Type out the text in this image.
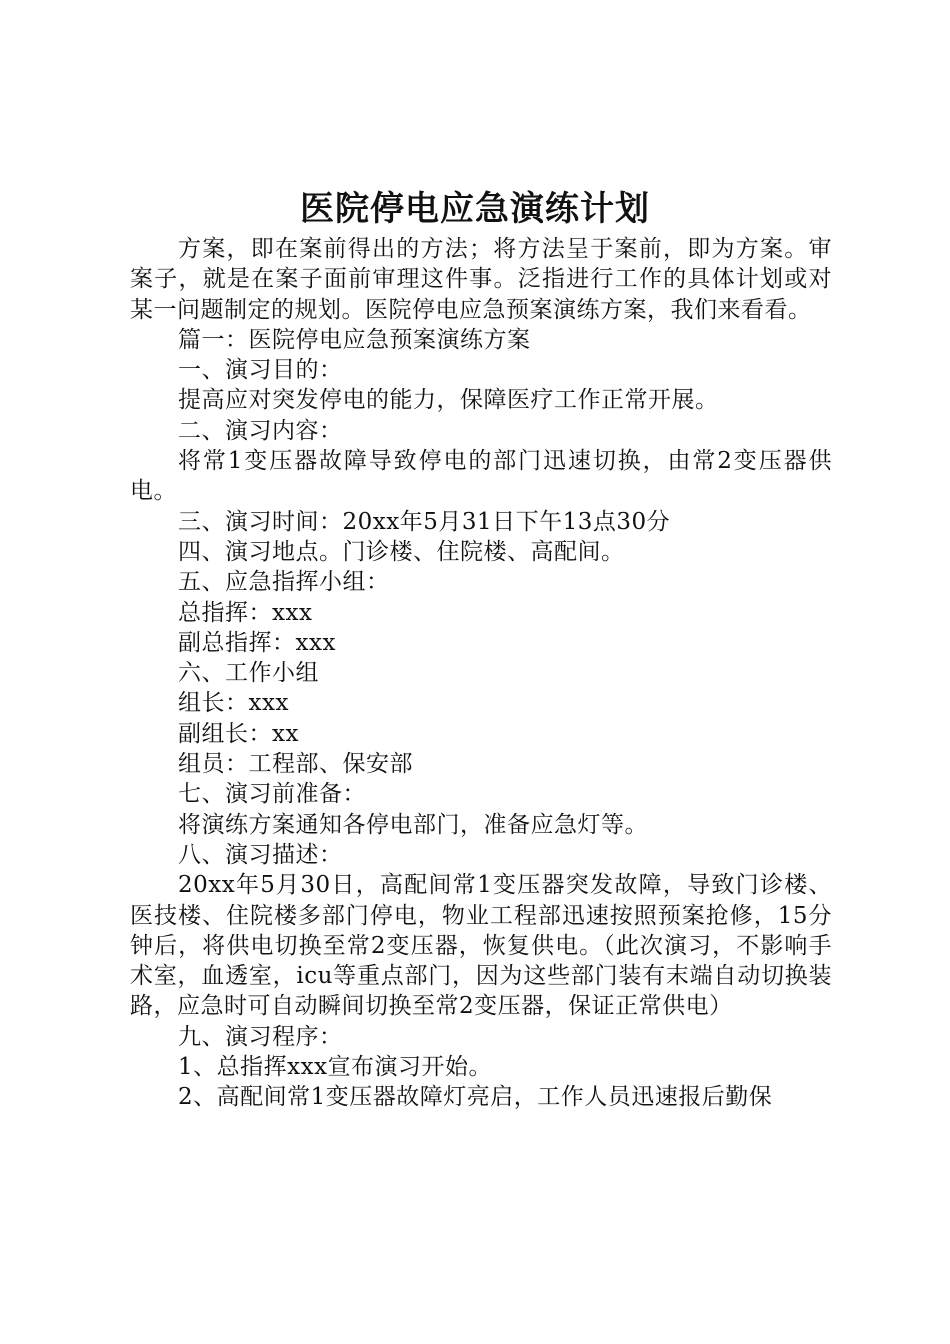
医院停电应急演练计划

方案，即在案前得出的方法；将方法呈于案前，即为方案。审案子，就是在案子面前审理这件事。泛指进行工作的具体计划或对某一问题制定的规划。医院停电应急预案演练方案，我们来看看。

篇一：医院停电应急预案演练方案

一、演习目的：

提高应对突发停电的能力，保障医疗工作正常开展。

二、演习内容：

将常1变压器故障导致停电的部门迅速切换，由常2变压器供电。

三、演习时间：20xx年5月31日下午13点30分

四、演习地点。门诊楼、住院楼、高配间。

五、应急指挥小组：

总指挥：xxx

副总指挥：xxx

六、工作小组

组长：xxx

副组长：xx

组员：工程部、保安部

七、演习前准备：

将演练方案通知各停电部门，准备应急灯等。

八、演习描述：

20xx年5月30日，高配间常1变压器突发故障，导致门诊楼、医技楼、住院楼多部门停电，物业工程部迅速按照预案抢修，15分钟后，将供电切换至常2变压器，恢复供电。（此次演习，不影响手术室，血透室，icu等重点部门，因为这些部门装有末端自动切换装路，应急时可自动瞬间切换至常2变压器，保证正常供电）

九、演习程序：

1、总指挥xxx宣布演习开始。

2、高配间常1变压器故障灯亮启，工作人员迅速报后勤保
